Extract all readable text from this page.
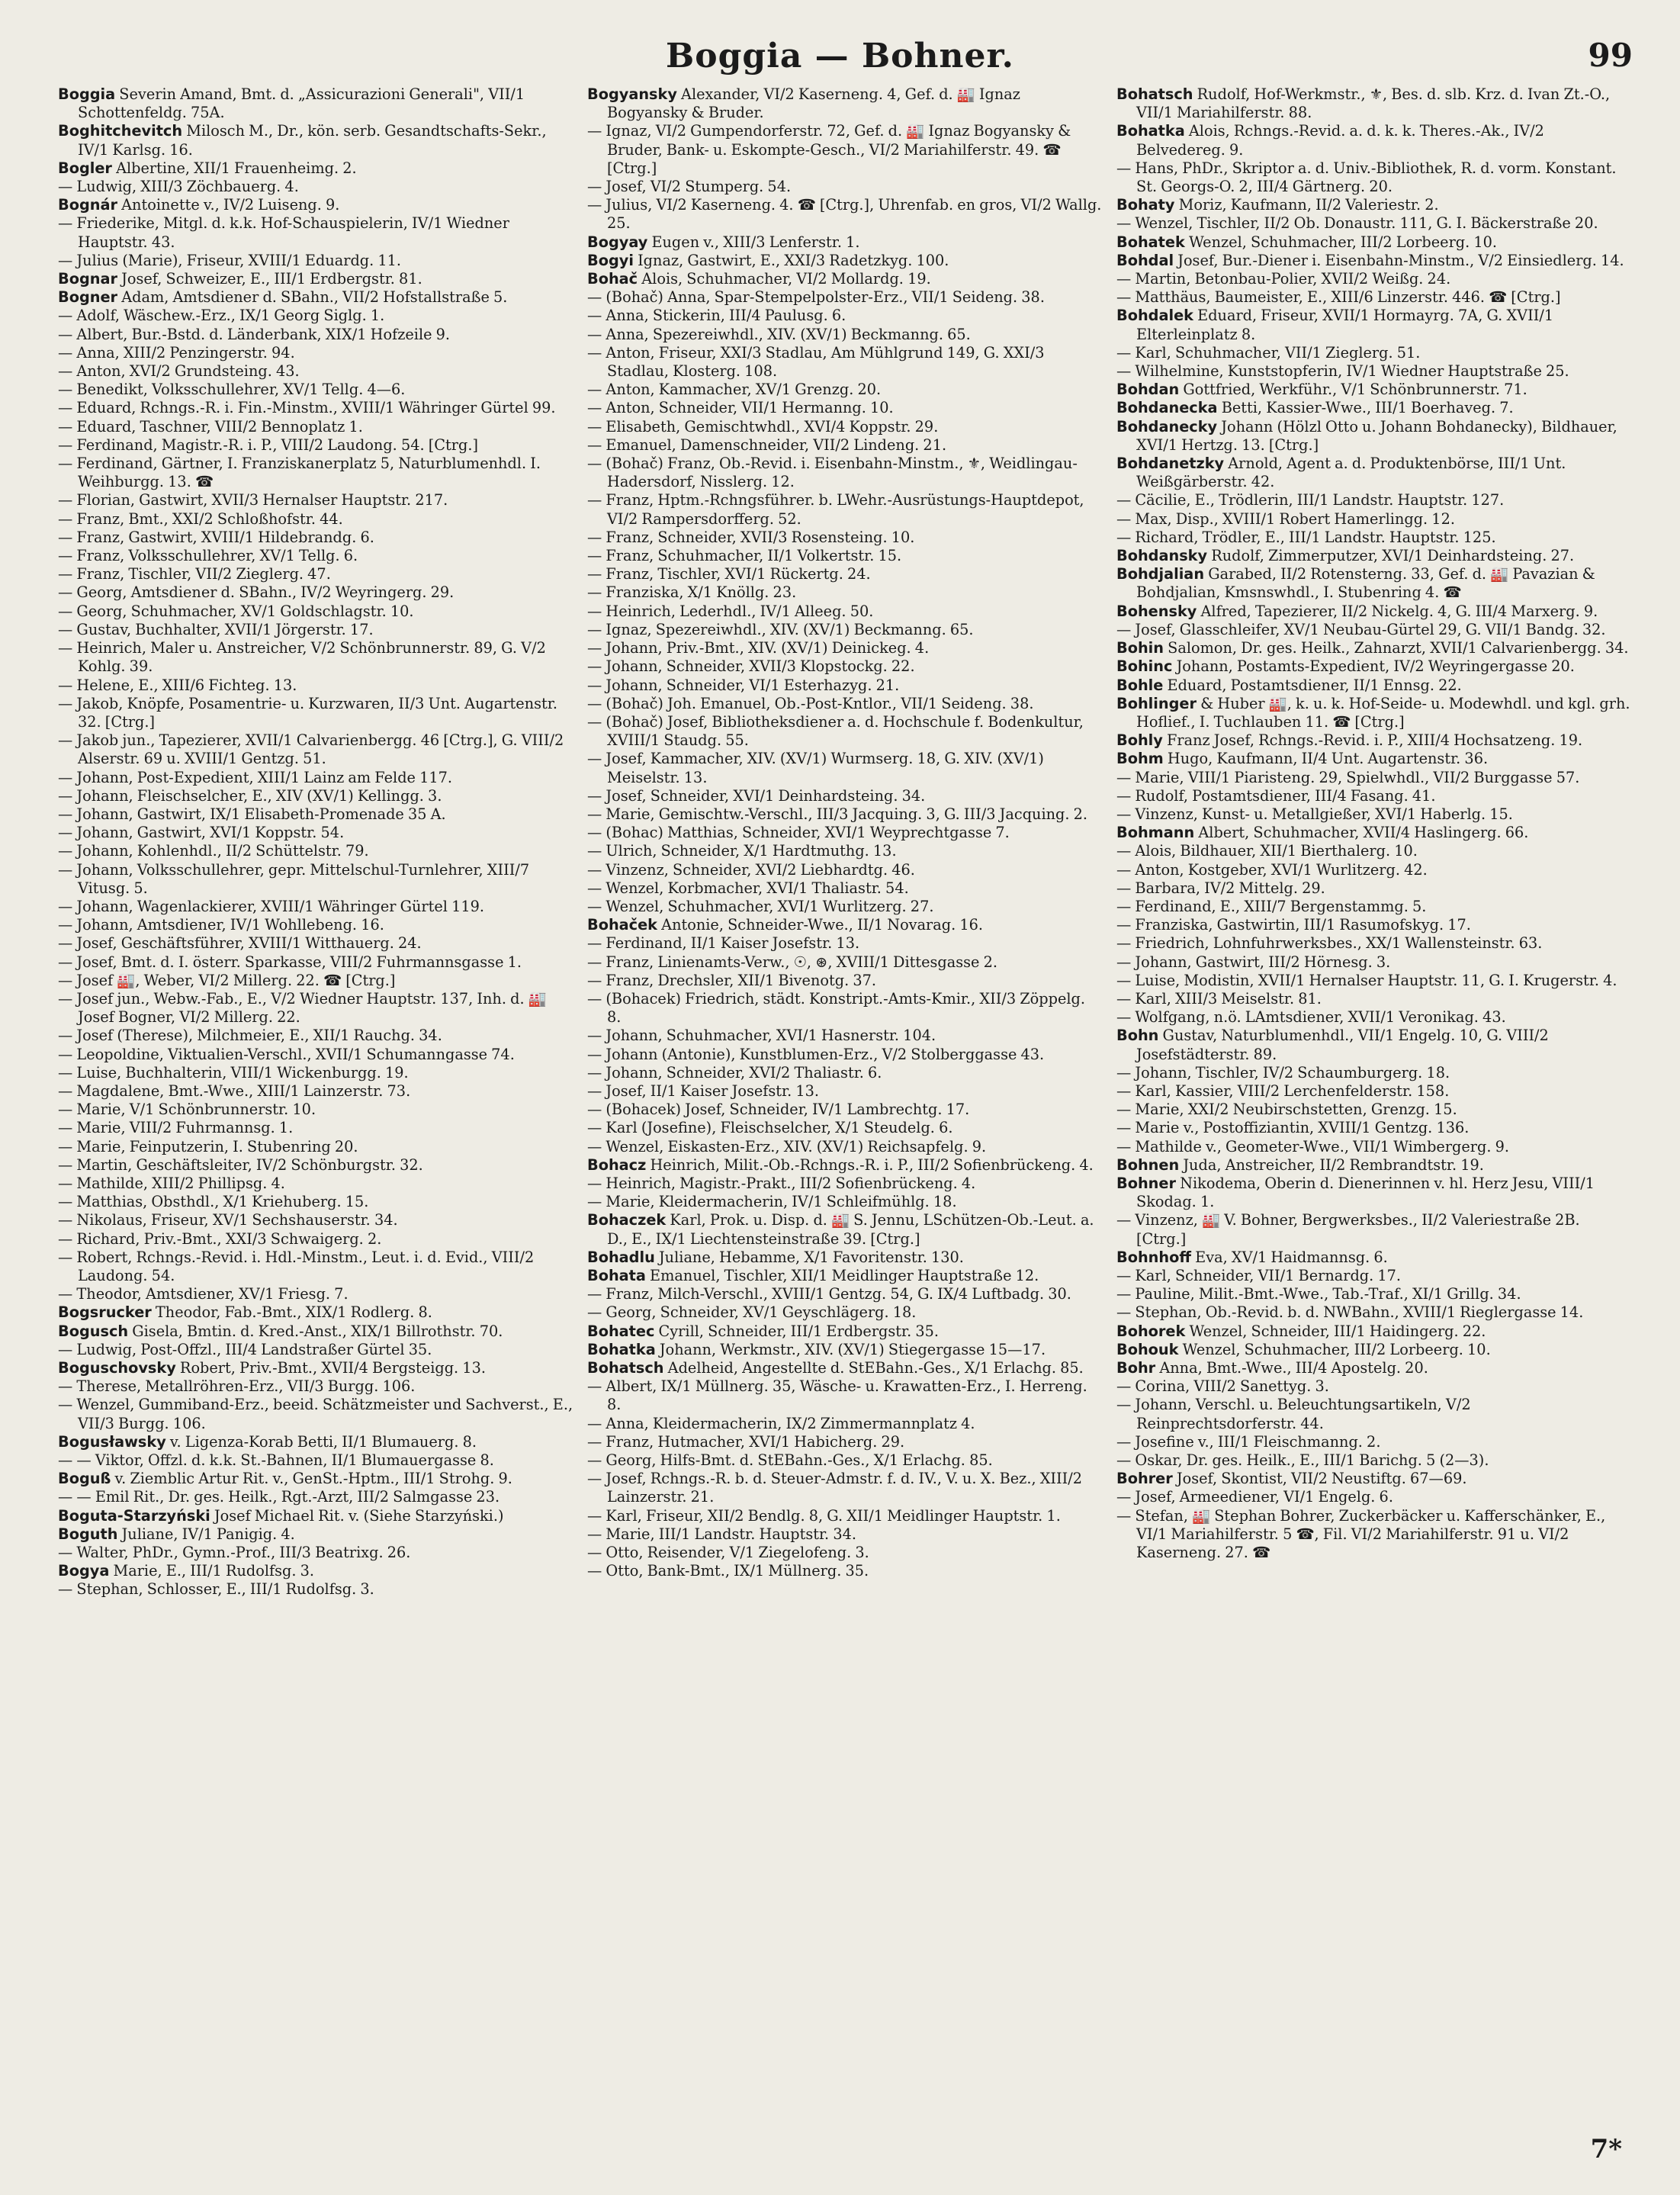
Boggia — Bohner.	99

Boggia Severin Amand, Bmt. d. „Assicurazioni Generali", VII/1 Schottenfeldg. 75A.

Boghitchevitch Milosch M., Dr., kön. serb. Gesandtschafts-Sekr., IV/1 Karlsg. 16.

Bogler Albertine, XII/1 Frauenheimg. 2.

— Ludwig, XIII/3 Zöchbauerg. 4.

Bognár Antoinette v., IV/2 Luiseng. 9.

— Friederike, Mitgl. d. k.k. Hof-Schauspielerin, IV/1 Wiedner Hauptstr. 43.

— Julius (Marie), Friseur, XVIII/1 Eduardg. 11.

Bognar Josef, Schweizer, E., III/1 Erdbergstr. 81.

Bogner Adam, Amtsdiener d. SBahn., VII/2 Hofstallstraße 5.

— Adolf, Wäschew.-Erz., IX/1 Georg Siglg. 1.

— Albert, Bur.-Bstd. d. Länderbank, XIX/1 Hofzeile 9.

— Anna, XIII/2 Penzingerstr. 94.

— Anton, XVI/2 Grundsteing. 43.

— Benedikt, Volksschullehrer, XV/1 Tellg. 4—6.

— Eduard, Rchngs.-R. i. Fin.-Minstm., XVIII/1 Währinger Gürtel 99.

— Eduard, Taschner, VIII/2 Bennoplatz 1.

— Ferdinand, Magistr.-R. i. P., VIII/2 Laudong. 54. [Ctrg.]

— Ferdinand, Gärtner, I. Franziskanerplatz 5, Naturblumenhdl. I. Weihburgg. 13. ☎

— Florian, Gastwirt, XVII/3 Hernalser Hauptstr. 217.

— Franz, Bmt., XXI/2 Schloßhofstr. 44.

— Franz, Gastwirt, XVIII/1 Hildebrandg. 6.

— Franz, Volksschullehrer, XV/1 Tellg. 6.

— Franz, Tischler, VII/2 Zieglerg. 47.

— Georg, Amtsdiener d. SBahn., IV/2 Weyringerg. 29.

— Georg, Schuhmacher, XV/1 Goldschlagstr. 10.

— Gustav, Buchhalter, XVII/1 Jörgerstr. 17.

— Heinrich, Maler u. Anstreicher, V/2 Schönbrunnerstr. 89, G. V/2 Kohlg. 39.

— Helene, E., XIII/6 Fichteg. 13.

— Jakob, Knöpfe, Posamentrie- u. Kurzwaren, II/3 Unt. Augartenstr. 32. [Ctrg.]

— Jakob jun., Tapezierer, XVII/1 Calvarienbergg. 46 [Ctrg.], G. VIII/2 Alserstr. 69 u. XVIII/1 Gentzg. 51.

— Johann, Post-Expedient, XIII/1 Lainz am Felde 117.

— Johann, Fleischselcher, E., XIV (XV/1) Kellingg. 3.

— Johann, Gastwirt, IX/1 Elisabeth-Promenade 35 A.

— Johann, Gastwirt, XVI/1 Koppstr. 54.

— Johann, Kohlenhdl., II/2 Schüttelstr. 79.

— Johann, Volksschullehrer, gepr. Mittelschul-Turnlehrer, XIII/7 Vitusg. 5.

— Johann, Wagenlackierer, XVIII/1 Währinger Gürtel 119.

— Johann, Amtsdiener, IV/1 Wohllebeng. 16.

— Josef, Geschäftsführer, XVIII/1 Witthauerg. 24.

— Josef, Bmt. d. I. österr. Sparkasse, VIII/2 Fuhrmannsgasse 1.

— Josef 🏭, Weber, VI/2 Millerg. 22. ☎ [Ctrg.]

— Josef jun., Webw.-Fab., E., V/2 Wiedner Hauptstr. 137, Inh. d. 🏭 Josef Bogner, VI/2 Millerg. 22.

— Josef (Therese), Milchmeier, E., XII/1 Rauchg. 34.

— Leopoldine, Viktualien-Verschl., XVII/1 Schumanngasse 74.

— Luise, Buchhalterin, VIII/1 Wickenburgg. 19.

— Magdalene, Bmt.-Wwe., XIII/1 Lainzerstr. 73.

— Marie, V/1 Schönbrunnerstr. 10.

— Marie, VIII/2 Fuhrmannsg. 1.

— Marie, Feinputzerin, I. Stubenring 20.

— Martin, Geschäftsleiter, IV/2 Schönburgstr. 32.

— Mathilde, XIII/2 Phillipsg. 4.

— Matthias, Obsthdl., X/1 Kriehuberg. 15.

— Nikolaus, Friseur, XV/1 Sechshauserstr. 34.

— Richard, Priv.-Bmt., XXI/3 Schwaigerg. 2.

— Robert, Rchngs.-Revid. i. Hdl.-Minstm., Leut. i. d. Evid., VIII/2 Laudong. 54.

— Theodor, Amtsdiener, XV/1 Friesg. 7.

Bogsrucker Theodor, Fab.-Bmt., XIX/1 Rodlerg. 8.

Bogusch Gisela, Bmtin. d. Kred.-Anst., XIX/1 Billrothstr. 70.

— Ludwig, Post-Offzl., III/4 Landstraßer Gürtel 35.

Boguschovsky Robert, Priv.-Bmt., XVII/4 Bergsteigg. 13.

— Therese, Metallröhren-Erz., VII/3 Burgg. 106.

— Wenzel, Gummiband-Erz., beeid. Schätzmeister und Sachverst., E., VII/3 Burgg. 106.

Bogusławsky v. Ligenza-Korab Betti, II/1 Blumauerg. 8.

— — Viktor, Offzl. d. k.k. St.-Bahnen, II/1 Blumauergasse 8.

Boguß v. Ziemblic Artur Rit. v., GenSt.-Hptm., III/1 Strohg. 9.

— — Emil Rit., Dr. ges. Heilk., Rgt.-Arzt, III/2 Salmgasse 23.

Boguta-Starzyński Josef Michael Rit. v. (Siehe Starzyński.)

Boguth Juliane, IV/1 Panigig. 4.

— Walter, PhDr., Gymn.-Prof., III/3 Beatrixg. 26.

Bogya Marie, E., III/1 Rudolfsg. 3.

— Stephan, Schlosser, E., III/1 Rudolfsg. 3.

Bogyansky Alexander, VI/2 Kaserneng. 4, Gef. d. 🏭 Ignaz Bogyansky & Bruder.

— Ignaz, VI/2 Gumpendorferstr. 72, Gef. d. 🏭 Ignaz Bogyansky & Bruder, Bank- u. Eskompte-Gesch., VI/2 Mariahilferstr. 49. ☎ [Ctrg.]

— Josef, VI/2 Stumperg. 54.

— Julius, VI/2 Kaserneng. 4. ☎ [Ctrg.], Uhrenfab. en gros, VI/2 Wallg. 25.

Bogyay Eugen v., XIII/3 Lenferstr. 1.

Bogyi Ignaz, Gastwirt, E., XXI/3 Radetzkyg. 100.

Bohač Alois, Schuhmacher, VI/2 Mollardg. 19.

— (Bohač) Anna, Spar-Stempelpolster-Erz., VII/1 Seideng. 38.

— Anna, Stickerin, III/4 Paulusg. 6.

— Anna, Spezereiwhdl., XIV. (XV/1) Beckmanng. 65.

— Anton, Friseur, XXI/3 Stadlau, Am Mühlgrund 149, G. XXI/3 Stadlau, Klosterg. 108.

— Anton, Kammacher, XV/1 Grenzg. 20.

— Anton, Schneider, VII/1 Hermanng. 10.

— Elisabeth, Gemischtwhdl., XVI/4 Koppstr. 29.

— Emanuel, Damenschneider, VII/2 Lindeng. 21.

— (Bohač) Franz, Ob.-Revid. i. Eisenbahn-Minstm., ⚜, Weidlingau-Hadersdorf, Nisslerg. 12.

— Franz, Hptm.-Rchngsführer. b. LWehr.-Ausrüstungs-Hauptdepot, VI/2 Rampersdorfferg. 52.

— Franz, Schneider, XVII/3 Rosensteing. 10.

— Franz, Schuhmacher, II/1 Volkertstr. 15.

— Franz, Tischler, XVI/1 Rückertg. 24.

— Franziska, X/1 Knöllg. 23.

— Heinrich, Lederhdl., IV/1 Alleeg. 50.

— Ignaz, Spezereiwhdl., XIV. (XV/1) Beckmanng. 65.

— Johann, Priv.-Bmt., XIV. (XV/1) Deinickeg. 4.

— Johann, Schneider, XVII/3 Klopstockg. 22.

— Johann, Schneider, VI/1 Esterhazyg. 21.

— (Bohač) Joh. Emanuel, Ob.-Post-Kntlor., VII/1 Seideng. 38.

— (Bohač) Josef, Bibliotheksdiener a. d. Hochschule f. Bodenkultur, XVIII/1 Staudg. 55.

— Josef, Kammacher, XIV. (XV/1) Wurmserg. 18, G. XIV. (XV/1) Meiselstr. 13.

— Josef, Schneider, XVI/1 Deinhardsteing. 34.

— Marie, Gemischtw.-Verschl., III/3 Jacquing. 3, G. III/3 Jacquing. 2.

— (Bohac) Matthias, Schneider, XVI/1 Weyprechtgasse 7.

— Ulrich, Schneider, X/1 Hardtmuthg. 13.

— Vinzenz, Schneider, XVI/2 Liebhardtg. 46.

— Wenzel, Korbmacher, XVI/1 Thaliastr. 54.

— Wenzel, Schuhmacher, XVI/1 Wurlitzerg. 27.

Bohaček Antonie, Schneider-Wwe., II/1 Novarag. 16.

— Ferdinand, II/1 Kaiser Josefstr. 13.

— Franz, Linienamts-Verw., ☉, ⊛, XVIII/1 Dittesgasse 2.

— Franz, Drechsler, XII/1 Bivenotg. 37.

— (Bohacek) Friedrich, städt. Konstript.-Amts-Kmir., XII/3 Zöppelg. 8.

— Johann, Schuhmacher, XVI/1 Hasnerstr. 104.

— Johann (Antonie), Kunstblumen-Erz., V/2 Stolberggasse 43.

— Johann, Schneider, XVI/2 Thaliastr. 6.

— Josef, II/1 Kaiser Josefstr. 13.

— (Bohacek) Josef, Schneider, IV/1 Lambrechtg. 17.

— Karl (Josefine), Fleischselcher, X/1 Steudelg. 6.

— Wenzel, Eiskasten-Erz., XIV. (XV/1) Reichsapfelg. 9.

Bohacz Heinrich, Milit.-Ob.-Rchngs.-R. i. P., III/2 Sofienbrückeng. 4.

— Heinrich, Magistr.-Prakt., III/2 Sofienbrückeng. 4.

— Marie, Kleidermacherin, IV/1 Schleifmühlg. 18.

Bohaczek Karl, Prok. u. Disp. d. 🏭 S. Jennu, LSchützen-Ob.-Leut. a. D., E., IX/1 Liechtensteinstraße 39. [Ctrg.]

Bohadlu Juliane, Hebamme, X/1 Favoritenstr. 130.

Bohata Emanuel, Tischler, XII/1 Meidlinger Hauptstraße 12.

— Franz, Milch-Verschl., XVIII/1 Gentzg. 54, G. IX/4 Luftbadg. 30.

— Georg, Schneider, XV/1 Geyschlägerg. 18.

Bohatec Cyrill, Schneider, III/1 Erdbergstr. 35.

Bohatka Johann, Werkmstr., XIV. (XV/1) Stiegergasse 15—17.

Bohatsch Adelheid, Angestellte d. StEBahn.-Ges., X/1 Erlachg. 85.

— Albert, IX/1 Müllnerg. 35, Wäsche- u. Krawatten-Erz., I. Herreng. 8.

— Anna, Kleidermacherin, IX/2 Zimmermannplatz 4.

— Franz, Hutmacher, XVI/1 Habicherg. 29.

— Georg, Hilfs-Bmt. d. StEBahn.-Ges., X/1 Erlachg. 85.

— Josef, Rchngs.-R. b. d. Steuer-Admstr. f. d. IV., V. u. X. Bez., XIII/2 Lainzerstr. 21.

— Karl, Friseur, XII/2 Bendlg. 8, G. XII/1 Meidlinger Hauptstr. 1.

— Marie, III/1 Landstr. Hauptstr. 34.

— Otto, Reisender, V/1 Ziegelofeng. 3.

— Otto, Bank-Bmt., IX/1 Müllnerg. 35.

Bohatsch Rudolf, Hof-Werkmstr., ⚜, Bes. d. slb. Krz. d. Ivan Zt.-O., VII/1 Mariahilferstr. 88.

Bohatka Alois, Rchngs.-Revid. a. d. k. k. Theres.-Ak., IV/2 Belvedereg. 9.

— Hans, PhDr., Skriptor a. d. Univ.-Bibliothek, R. d. vorm. Konstant. St. Georgs-O. 2, III/4 Gärtnerg. 20.

Bohaty Moriz, Kaufmann, II/2 Valeriestr. 2.

— Wenzel, Tischler, II/2 Ob. Donaustr. 111, G. I. Bäckerstraße 20.

Bohatek Wenzel, Schuhmacher, III/2 Lorbeerg. 10.

Bohdal Josef, Bur.-Diener i. Eisenbahn-Minstm., V/2 Einsiedlerg. 14.

— Martin, Betonbau-Polier, XVII/2 Weißg. 24.

— Matthäus, Baumeister, E., XIII/6 Linzerstr. 446. ☎ [Ctrg.]

Bohdalek Eduard, Friseur, XVII/1 Hormayrg. 7A, G. XVII/1 Elterleinplatz 8.

— Karl, Schuhmacher, VII/1 Zieglerg. 51.

— Wilhelmine, Kunststopferin, IV/1 Wiedner Hauptstraße 25.

Bohdan Gottfried, Werkführ., V/1 Schönbrunnerstr. 71.

Bohdanecka Betti, Kassier-Wwe., III/1 Boerhaveg. 7.

Bohdanecky Johann (Hölzl Otto u. Johann Bohdanecky), Bildhauer, XVI/1 Hertzg. 13. [Ctrg.]

Bohdanetzky Arnold, Agent a. d. Produktenbörse, III/1 Unt. Weißgärberstr. 42.

— Cäcilie, E., Trödlerin, III/1 Landstr. Hauptstr. 127.

— Max, Disp., XVIII/1 Robert Hamerlingg. 12.

— Richard, Trödler, E., III/1 Landstr. Hauptstr. 125.

Bohdansky Rudolf, Zimmerputzer, XVI/1 Deinhardsteing. 27.

Bohdjalian Garabed, II/2 Rotensterng. 33, Gef. d. 🏭 Pavazian & Bohdjalian, Kmsnswhdl., I. Stubenring 4. ☎

Bohensky Alfred, Tapezierer, II/2 Nickelg. 4, G. III/4 Marxerg. 9.

— Josef, Glasschleifer, XV/1 Neubau-Gürtel 29, G. VII/1 Bandg. 32.

Bohin Salomon, Dr. ges. Heilk., Zahnarzt, XVII/1 Calvarienbergg. 34.

Bohinc Johann, Postamts-Expedient, IV/2 Weyringergasse 20.

Bohle Eduard, Postamtsdiener, II/1 Ennsg. 22.

Bohlinger & Huber 🏭, k. u. k. Hof-Seide- u. Modewhdl. und kgl. grh. Hoflief., I. Tuchlauben 11. ☎ [Ctrg.]

Bohly Franz Josef, Rchngs.-Revid. i. P., XIII/4 Hochsatzeng. 19.

Bohm Hugo, Kaufmann, II/4 Unt. Augartenstr. 36.

— Marie, VIII/1 Piaristeng. 29, Spielwhdl., VII/2 Burggasse 57.

— Rudolf, Postamtsdiener, III/4 Fasang. 41.

— Vinzenz, Kunst- u. Metallgießer, XVI/1 Haberlg. 15.

Bohmann Albert, Schuhmacher, XVII/4 Haslingerg. 66.

— Alois, Bildhauer, XII/1 Bierthalerg. 10.

— Anton, Kostgeber, XVI/1 Wurlitzerg. 42.

— Barbara, IV/2 Mittelg. 29.

— Ferdinand, E., XIII/7 Bergenstammg. 5.

— Franziska, Gastwirtin, III/1 Rasumofskyg. 17.

— Friedrich, Lohnfuhrwerksbes., XX/1 Wallensteinstr. 63.

— Johann, Gastwirt, III/2 Hörnesg. 3.

— Luise, Modistin, XVII/1 Hernalser Hauptstr. 11, G. I. Krugerstr. 4.

— Karl, XIII/3 Meiselstr. 81.

— Wolfgang, n.ö. LAmtsdiener, XVII/1 Veronikag. 43.

Bohn Gustav, Naturblumenhdl., VII/1 Engelg. 10, G. VIII/2 Josefstädterstr. 89.

— Johann, Tischler, IV/2 Schaumburgerg. 18.

— Karl, Kassier, VIII/2 Lerchenfelderstr. 158.

— Marie, XXI/2 Neubirschstetten, Grenzg. 15.

— Marie v., Postoffiziantin, XVIII/1 Gentzg. 136.

— Mathilde v., Geometer-Wwe., VII/1 Wimbergerg. 9.

Bohnen Juda, Anstreicher, II/2 Rembrandtstr. 19.

Bohner Nikodema, Oberin d. Dienerinnen v. hl. Herz Jesu, VIII/1 Skodag. 1.

— Vinzenz, 🏭 V. Bohner, Bergwerksbes., II/2 Valeriestraße 2B. [Ctrg.]

Bohnhoff Eva, XV/1 Haidmannsg. 6.

— Karl, Schneider, VII/1 Bernardg. 17.

— Pauline, Milit.-Bmt.-Wwe., Tab.-Traf., XI/1 Grillg. 34.

— Stephan, Ob.-Revid. b. d. NWBahn., XVIII/1 Rieglergasse 14.

Bohorek Wenzel, Schneider, III/1 Haidingerg. 22.

Bohouk Wenzel, Schuhmacher, III/2 Lorbeerg. 10.

Bohr Anna, Bmt.-Wwe., III/4 Apostelg. 20.

— Corina, VIII/2 Sanettyg. 3.

— Johann, Verschl. u. Beleuchtungsartikeln, V/2 Reinprechtsdorferstr. 44.

— Josefine v., III/1 Fleischmanng. 2.

— Oskar, Dr. ges. Heilk., E., III/1 Barichg. 5 (2—3).

Bohrer Josef, Skontist, VII/2 Neustiftg. 67—69.

— Josef, Armeediener, VI/1 Engelg. 6.

— Stefan, 🏭 Stephan Bohrer, Zuckerbäcker u. Kafferschänker, E., VI/1 Mariahilferstr. 5 ☎, Fil. VI/2 Mariahilferstr. 91 u. VI/2 Kaserneng. 27. ☎

7*
